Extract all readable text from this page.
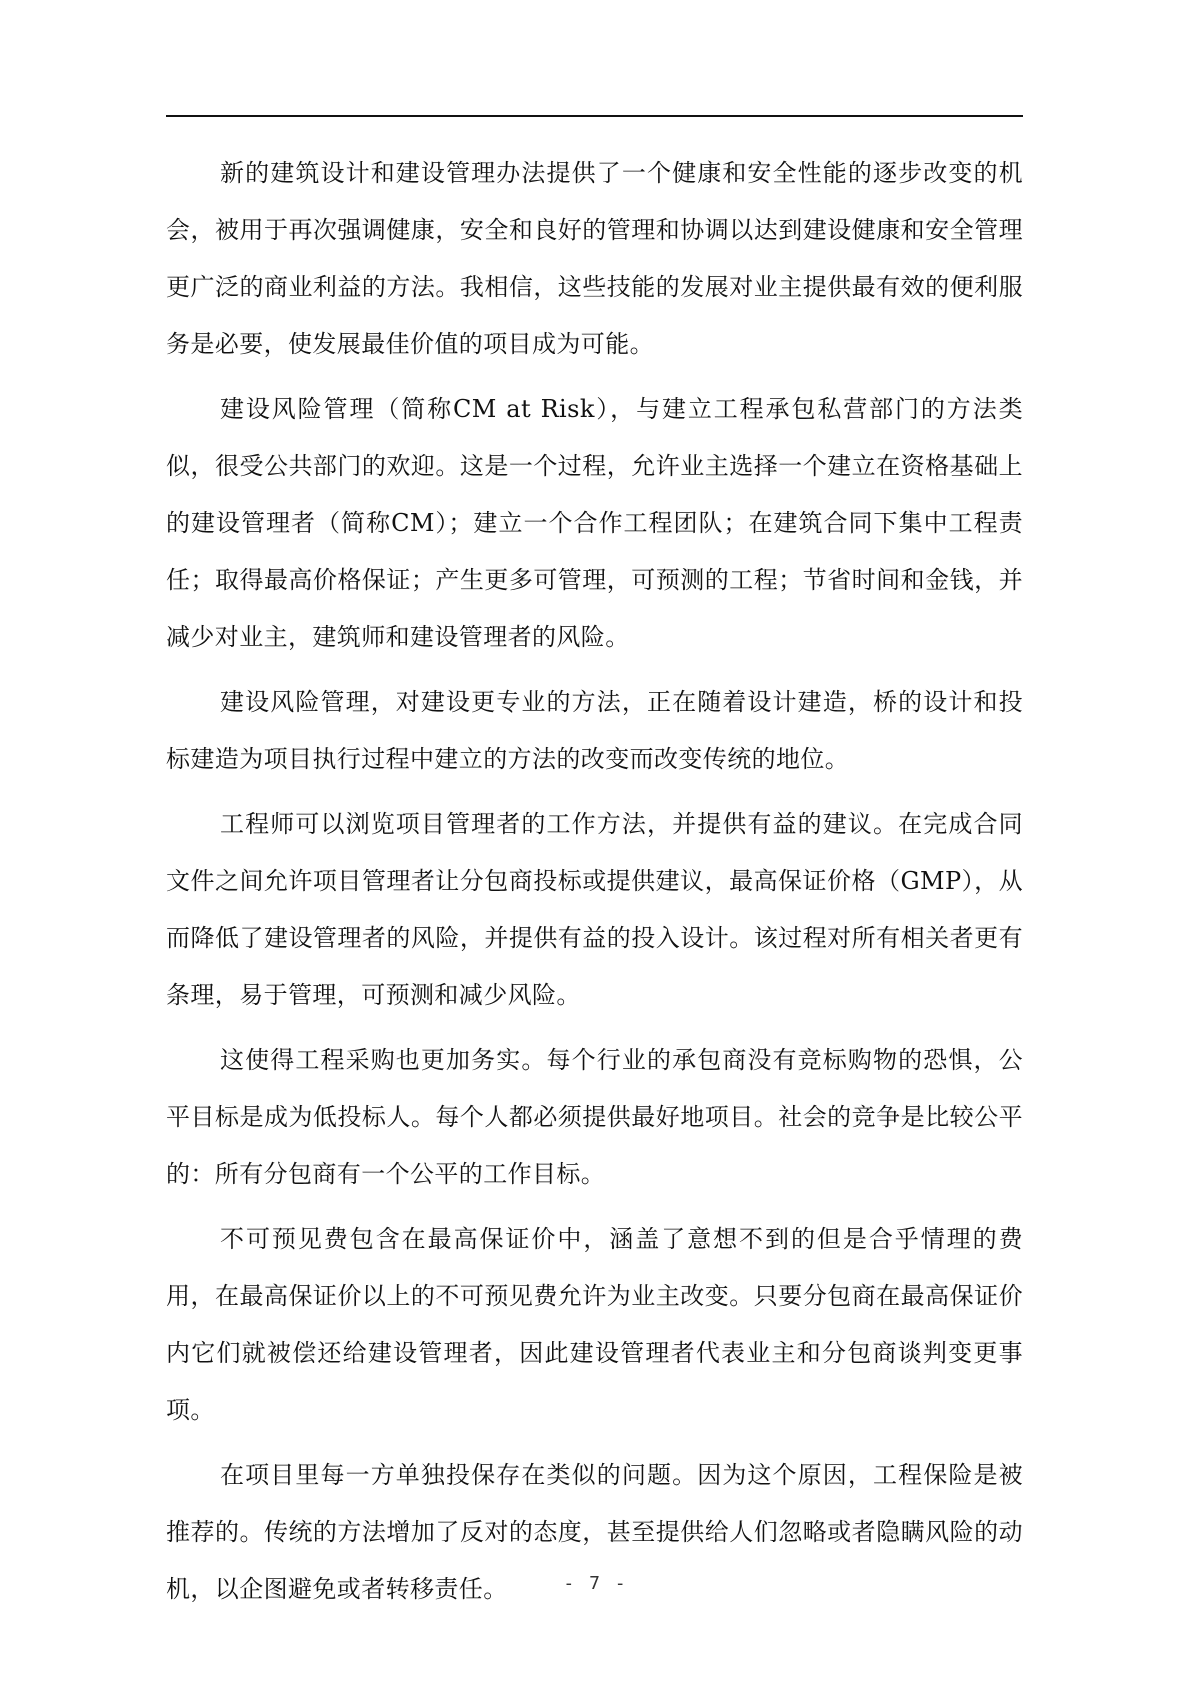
新的建筑设计和建设管理办法提供了一个健康和安全性能的逐步改变的机会，被用于再次强调健康，安全和良好的管理和协调以达到建设健康和安全管理更广泛的商业利益的方法。我相信，这些技能的发展对业主提供最有效的便利服务是必要，使发展最佳价值的项目成为可能。

建设风险管理（简称CM at Risk），与建立工程承包私营部门的方法类似，很受公共部门的欢迎。这是一个过程，允许业主选择一个建立在资格基础上的建设管理者（简称CM）；建立一个合作工程团队；在建筑合同下集中工程责任；取得最高价格保证；产生更多可管理，可预测的工程；节省时间和金钱，并减少对业主，建筑师和建设管理者的风险。

建设风险管理，对建设更专业的方法，正在随着设计建造，桥的设计和投标建造为项目执行过程中建立的方法的改变而改变传统的地位。

工程师可以浏览项目管理者的工作方法，并提供有益的建议。在完成合同文件之间允许项目管理者让分包商投标或提供建议，最高保证价格（GMP），从而降低了建设管理者的风险，并提供有益的投入设计。该过程对所有相关者更有条理，易于管理，可预测和减少风险。

这使得工程采购也更加务实。每个行业的承包商没有竞标购物的恐惧，公平目标是成为低投标人。每个人都必须提供最好地项目。社会的竞争是比较公平的：所有分包商有一个公平的工作目标。

不可预见费包含在最高保证价中，涵盖了意想不到的但是合乎情理的费用，在最高保证价以上的不可预见费允许为业主改变。只要分包商在最高保证价内它们就被偿还给建设管理者，因此建设管理者代表业主和分包商谈判变更事项。

在项目里每一方单独投保存在类似的问题。因为这个原因，工程保险是被推荐的。传统的方法增加了反对的态度，甚至提供给人们忽略或者隐瞒风险的动机，以企图避免或者转移责任。	- 7 -
